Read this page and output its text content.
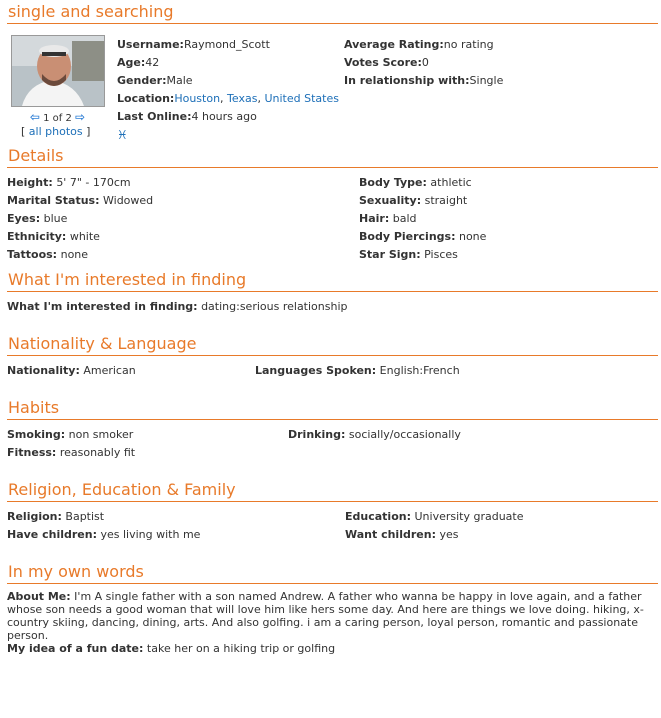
single and searching
⇦ 1 of 2 ⇨
[ all photos ]
Username:Raymond_Scott
Age:42
Gender:Male
Location:Houston, Texas, United States
Last Online:4 hours ago
♓
Average Rating:no rating
Votes Score:0
In relationship with:Single
Details
Height: 5' 7" - 170cm
Marital Status: Widowed
Eyes: blue
Ethnicity: white
Tattoos: none
Body Type: athletic
Sexuality: straight
Hair: bald
Body Piercings: none
Star Sign: Pisces
What I'm interested in finding
What I'm interested in finding: dating:serious relationship
Nationality & Language
Nationality: American	Languages Spoken: English:French
Habits
Smoking: non smoker
Fitness: reasonably fit
Drinking: socially/occasionally
Religion, Education & Family
Religion: Baptist
Have children: yes living with me
Education: University graduate
Want children: yes
In my own words
About Me: I'm A single father with a son named Andrew. A father who wanna be happy in love again, and a father whose son needs a good woman that will love him like hers some day. And here are things we love doing. hiking, x-country skiing, dancing, dining, arts. And also golfing. i am a caring person, loyal person, romantic and passionate person.
My idea of a fun date: take her on a hiking trip or golfing
